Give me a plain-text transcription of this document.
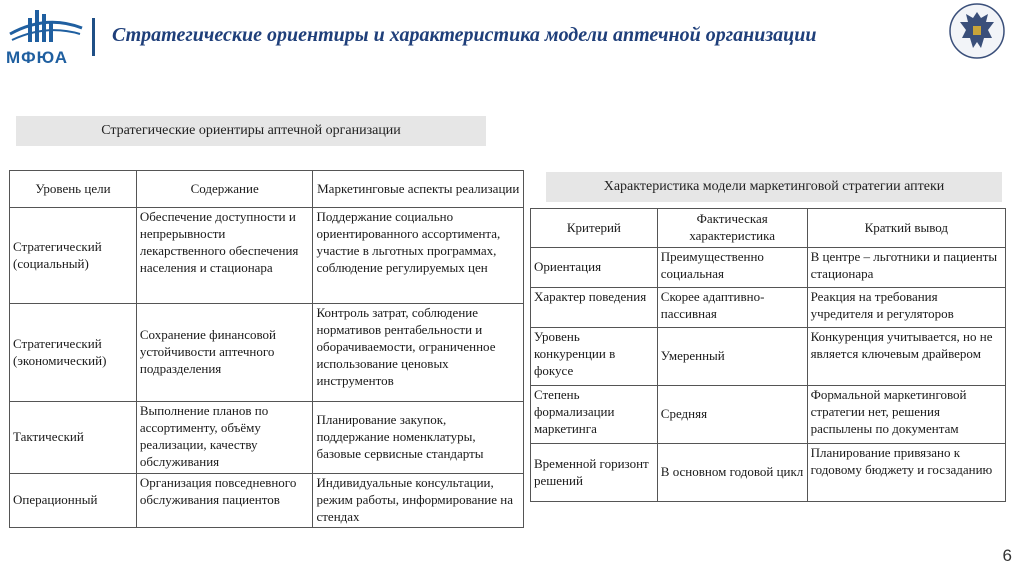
МФЮА
Стратегические ориентиры и характеристика модели аптечной организации
Стратегические ориентиры аптечной организации
Уровень цели	Содержание	Маркетинговые аспекты реализации
Стратегический (социальный)	Обеспечение доступности и непрерывности лекарственного обеспечения населения и стационара	Поддержание социально ориентированного ассортимента, участие в льготных программах, соблюдение регулируемых цен
Стратегический (экономический)	Сохранение финансовой устойчивости аптечного подразделения	Контроль затрат, соблюдение нормативов рентабельности и оборачиваемости, ограниченное использование ценовых инструментов
Тактический	Выполнение планов по ассортименту, объёму реализации, качеству обслуживания	Планирование закупок, поддержание номенклатуры, базовые сервисные стандарты
Операционный	Организация повседневного обслуживания пациентов	Индивидуальные консультации, режим работы, информирование на стендах
Характеристика модели маркетинговой стратегии аптеки
Критерий	Фактическая характеристика	Краткий вывод
Ориентация	Преимущественно социальная	В центре – льготники и пациенты стационара
Характер поведения	Скорее адаптивно-пассивная	Реакция на требования учредителя и регуляторов
Уровень конкуренции в фокусе	Умеренный	Конкуренция учитывается, но не является ключевым драйвером
Степень формализации маркетинга	Средняя	Формальной маркетинговой стратегии нет, решения распылены по документам
Временной горизонт решений	В основном годовой цикл	Планирование привязано к годовому бюджету и госзаданию
6
